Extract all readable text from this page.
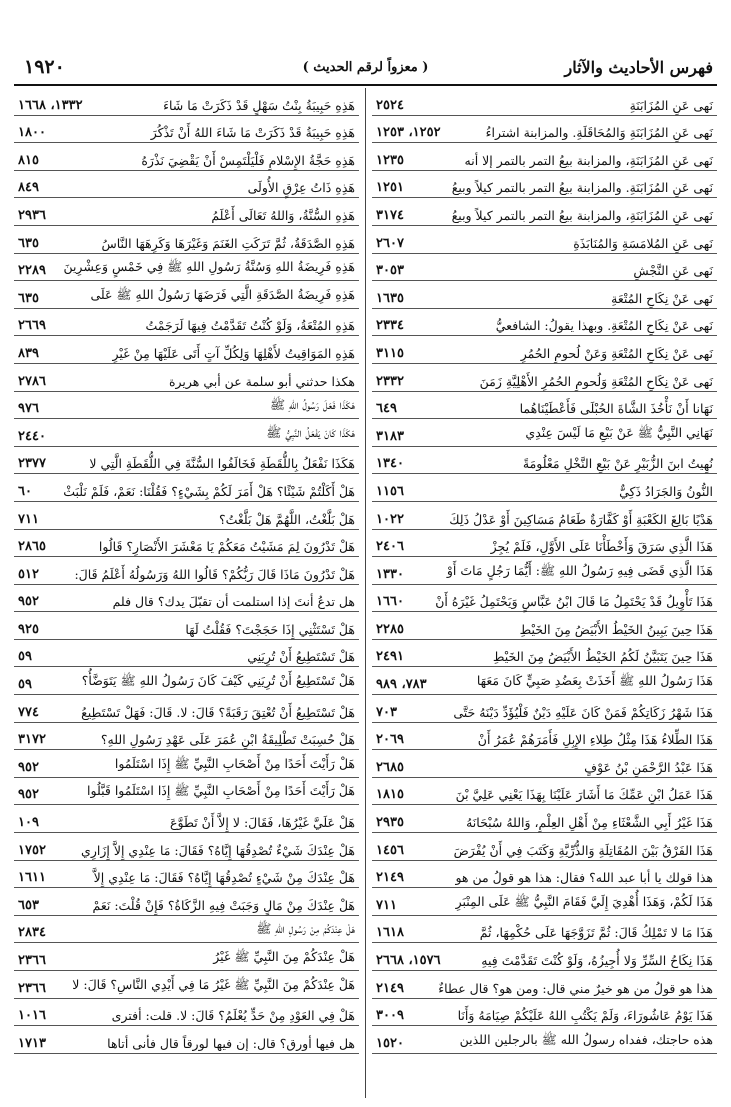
فهرس الأحاديث والآثار
( معزواً لرقم الحديث )
١٩٢٠
نَهى عَنِ المُزَابَنَةِ
٢٥٢٤
نَهى عَنِ المُزَابَنَةِ وَالمُحَاقَلَةِ. والمزابنة اشتراءُ
١٢٥٢، ١٢٥٣
نَهى عَنِ المُزَابَنَةِ، والمزابنة بيعُ التمر بالتمر إلا أنه
١٢٣٥
نَهى عَنِ المُزَابَنَةِ. والمزابنة بيعُ التمر بالتمر كيلاً وبيعُ
١٢٥١
نَهى عَنِ المُزَابَنَةِ، والمزابنة بيعُ التمر بالتمر كيلاً وبيعُ
٣١٧٤
نَهى عَنِ المُلامَسَةِ وَالمُنَابَذَةِ
٢٦٠٧
نَهى عَنِ النَّجْشِ
٣٠٥٣
نَهى عَنْ نِكَاحِ المُتْعَةِ
١٦٣٥
نَهى عَنْ نِكَاحِ المُتْعَةِ. وبهذا يقولُ: الشافعيُّ
٢٣٣٤
نَهى عَنْ نِكَاحِ المُتْعَةِ وَعَنْ لُحومِ الحُمُرِ
٣١١٥
نَهى عَنْ نِكَاحِ المُتْعَةِ وَلُحومِ الحُمُرِ الأَهْلِيَّةِ زَمَنَ
٢٣٣٢
نَهَانا أَنْ نَأْخُذَ الشَّاةَ الحُبْلَى فَأَعْطَيْنَاهُما
٦٤٩
نَهَانِي النَّبِيُّ ﷺ عَنْ بَيْعِ مَا لَيْسَ عِنْدِي
٣١٨٣
نُهِيتُ ابنَ الزُّبَيْرِ عَنْ بَيْعِ النَّخْلِ مَعْلُومَةً
١٣٤٠
النُّونُ وَالجَرَادُ ذَكِيٌّ
١١٥٦
هَدْيًا بَالِغَ الكَعْبَةِ أَوْ كَفَّارَةٌ طَعَامُ مَسَاكِينَ أَوْ عَدْلُ ذَلِكَ
١٠٢٢
هَذَا الَّذِي سَرَقَ وَأَخْطَأْنَا عَلَى الأَوَّلِ، فَلَمْ يُجِزْ
٢٤٠٦
هَذَا الَّذِي قَضَى فِيهِ رَسُولُ اللهِ ﷺ: أَيُّمَا رَجُلٍ مَاتَ أَوْ
١٣٣٠
هَذَا تَأْوِيلُ قَدْ يَحْتَمِلُ مَا قَالَ ابْنُ عَبَّاسٍ وَيَحْتَمِلُ غَيْرَهُ أَنْ
١٦٦٠
هَذَا حِينَ يَبِينُ الخَيْطُ الأَبْيَضُ مِنَ الخَيْطِ
٢٢٨٥
هَذَا حِينَ يَتَبَيَّنُ لَكُمُ الخَيْطُ الأَبْيَضُ مِنَ الخَيْطِ
٢٤٩١
هَذَا رَسُولُ اللهِ ﷺ أَخَذَتْ بِعَضُدِ صَبِيٍّ كَانَ مَعَهَا
٧٨٣، ٩٨٩
هَذَا شَهْرُ زَكَاتِكُمْ فَمَنْ كَانَ عَلَيْهِ دَيْنٌ فَلْيُؤَدِّ دَيْنَهُ حَتَّى
٧٠٣
هَذَا الطِّلاءُ هَذَا مِثْلُ طِلاءِ الإِبِلِ فَأَمَرَهُمْ عُمَرُ أَنْ
٢٠٦٩
هَذَا عَبْدُ الرَّحْمَنِ بْنُ عَوْفٍ
٢٦٨٥
هَذَا عَمَلُ ابْنِ عَمِّكَ مَا أَشَارَ عَلَيْنَا بِهَذَا يَعْنِي عَلِيَّ بْنَ
١٨١٥
هَذَا غَيْرُ أَبِي الشَّعْثَاءِ مِنْ أَهْلِ العِلْمِ، وَاللهُ سُبْحَانَهُ
٢٩٣٥
هَذَا الفَرْقُ بَيْنَ المُقَاتِلَةِ وَالذُّرِّيَّةِ وَكَتَبَ فِي أَنْ يُفْرَضَ
١٤٥٦
هذا قولك يا أبا عبد الله؟ فقال: هذا هو قولُ من هو
٢١٤٩
هَذَا لَكُمْ، وَهَذَا أُهْدِيَ إِلَيَّ فَقَامَ النَّبِيُّ ﷺ عَلَى المِنْبَرِ
٧١١
هَذَا مَا لا تَمْلِكُ قَالَ: ثُمَّ تَزَوَّجَهَا عَلَى حُكْمِهَا، ثُمَّ
١٦١٨
هَذَا نِكَاحُ السِّرِّ وَلا أُجِيزُهُ، وَلَوْ كُنْتَ تَقَدَّمْتَ فِيهِ
١٥٧٦، ٢٦٦٨
هذا هو قولُ من هو خيرٌ مني قال: ومن هو؟ قال عطاءٌ
٢١٤٩
هَذَا يَوْمُ عَاشُورَاءَ، وَلَمْ يَكْتُبِ اللهُ عَلَيْكُمْ صِيَامَهُ وَأَنَا
٣٠٠٩
هذه حاجتك، ففداه رسولُ الله ﷺ بالرجلين اللذين
١٥٢٠
هَذِهِ حَبِيبَةُ بِنْتُ سَهْلٍ قَدْ ذَكَرَتْ مَا شَاءَ
١٣٣٢، ١٦٦٨
هَذِهِ حَبِيبَةُ قَدْ ذَكَرَتْ مَا شَاءَ اللهُ أَنْ تَذْكُرَ
١٨٠٠
هَذِهِ حَجَّةُ الإِسْلامِ فَلْيَلْتَمِسْ أَنْ يَقْضِيَ نَذْرَهُ
٨١٥
هَذِهِ ذَاتُ عِرْقٍ الأُولَى
٨٤٩
هَذِهِ السُّنَّةُ، وَاللهُ تَعَالَى أَعْلَمُ
٢٩٣٦
هَذِهِ الصَّدَقَةُ، ثُمَّ تَرَكَتِ الغَنَمَ وَغَيْرَهَا وَكَرِهَهَا النَّاسُ
٦٣٥
هَذِهِ فَرِيضَةُ اللهِ وَسُنَّةُ رَسُولِ اللهِ ﷺ فِي خَمْسٍ وَعِشْرِينَ
٢٢٨٩
هَذِهِ فَرِيضَةُ الصَّدَقَةِ الَّتِي فَرَضَهَا رَسُولُ اللهِ ﷺ عَلَى
٦٣٥
هَذِهِ المُتْعَةُ، وَلَوْ كُنْتُ تَقَدَّمْتُ فِيهَا لَرَجَمْتُ
٢٦٦٩
هَذِهِ المَوَاقِيتُ لأَهْلِهَا وَلِكُلِّ آتٍ أَتَى عَلَيْهَا مِنْ غَيْرِ
٨٣٩
هكذا حدثني أبو سلمة عن أبي هريرة
٢٧٨٦
هَكَذَا فَعَلَ رَسُولُ اللهِ ﷺ
٩٧٦
هَكَذَا كَانَ يَفْعَلُ النَّبِيُّ ﷺ
٢٤٤٠
هَكَذَا نَفْعَلُ بِاللُّقَطَةِ فَخَالَفُوا السُّنَّةَ فِي اللُّقَطَةِ الَّتِي لا
٢٣٧٧
هَلْ أَكَلْتُمْ شَيْئًا؟ هَلْ أَمَرَ لَكُمْ بِشَيْءٍ؟ فَقُلْنَا: نَعَمْ، فَلَمْ نَلْبَثْ
٦٠
هَلْ بَلَّغْتُ، اللَّهُمَّ هَلْ بَلَّغْتُ؟
٧١١
هَلْ تَدْرُونَ لِمَ مَشَيْتُ مَعَكُمْ يَا مَعْشَرَ الأَنْصَارِ؟ قَالُوا
٢٨٦٥
هَلْ تَدْرُونَ مَاذَا قَالَ رَبُّكُمْ؟ قَالُوا اللهُ وَرَسُولُهُ أَعْلَمُ قَالَ:
٥١٢
هل تدعُ أنتَ إذا استلمت أن تقبّلَ يدك؟ قال فلم
٩٥٢
هَلْ تَسْتَثْنِي إِذَا حَجَجْتَ؟ فَقُلْتُ لَهَا
٩٢٥
هَلْ تَسْتَطِيعُ أَنْ تُرِيَنِي
٥٩
هَلْ تَسْتَطِيعُ أَنْ تُرِيَنِي كَيْفَ كَانَ رَسُولُ اللهِ ﷺ يَتَوَضَّأُ؟
٥٩
هَلْ تَسْتَطِيعُ أَنْ تُعْتِقَ رَقَبَةً؟ قَالَ: لا. قَالَ: فَهَلْ تَسْتَطِيعُ
٧٧٤
هَلْ حُسِبَتْ تَطْلِيقَةُ ابْنِ عُمَرَ عَلَى عَهْدِ رَسُولِ اللهِ؟
٣١٧٢
هَلْ رَأَيْتَ أَحَدًا مِنْ أَصْحَابِ النَّبِيِّ ﷺ إِذَا اسْتَلَمُوا
٩٥٢
هَلْ رَأَيْتَ أَحَدًا مِنْ أَصْحَابِ النَّبِيِّ ﷺ إِذَا اسْتَلَمُوا قَبَّلُوا
٩٥٢
هَلْ عَلَيَّ غَيْرُهَا، فَقَالَ: لا إِلاَّ أَنْ تَطَوَّعَ
١٠٩
هَلْ عِنْدَكَ شَيْءٌ تُصْدِقُهَا إِيَّاهُ؟ فَقَالَ: مَا عِنْدِي إِلاَّ إِزَارِي
١٧٥٢
هَلْ عِنْدَكَ مِنْ شَيْءٍ تُصْدِقُهَا إِيَّاهُ؟ فَقَالَ: مَا عِنْدِي إِلاَّ
١٦١١
هَلْ عِنْدَكَ مِنْ مَالٍ وَجَبَتْ فِيهِ الزَّكَاةُ؟ فَإِنْ قُلْتَ: نَعَمْ
٦٥٣
هَلْ عِنْدَكُمْ مِنْ رَسُولِ اللهِ ﷺ
٢٨٣٤
هَلْ عِنْدَكُمْ مِنَ النَّبِيِّ ﷺ غَيْرُ
٢٣٦٦
هَلْ عِنْدَكُمْ مِنَ النَّبِيِّ ﷺ غَيْرُ مَا فِي أَيْدِي النَّاسِ؟ قَالَ: لا
٢٣٦٦
هَلْ فِي العَوْدِ مِنْ حَدٍّ يُعْلَمُ؟ قَالَ: لا. قلت: أفترى
١٠١٦
هل فيها أورق؟ قال: إن فيها لورقاً قال فأنى أتاها
١٧١٣
